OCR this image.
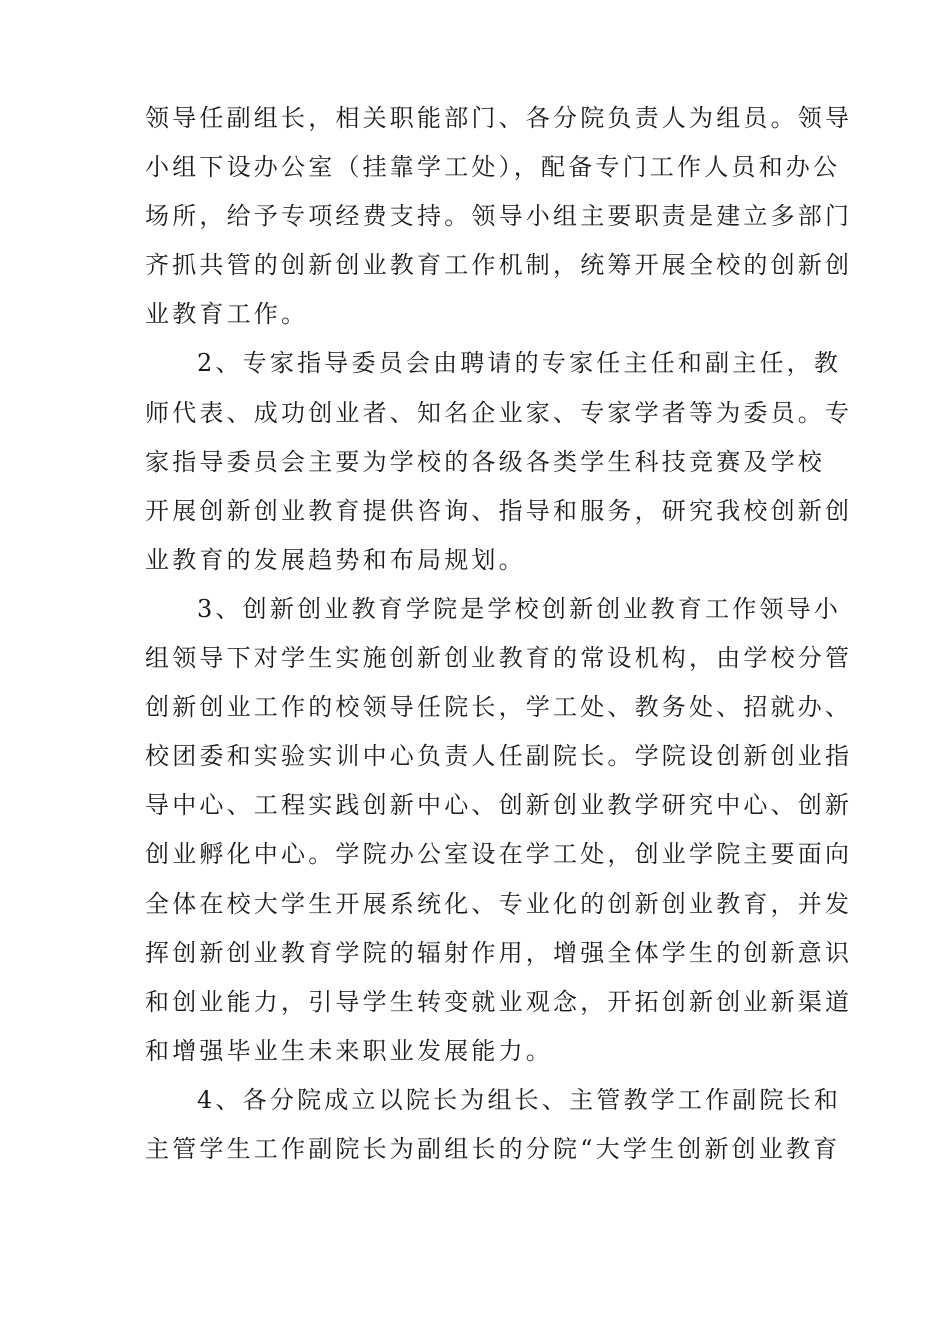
领导任副组长，相关职能部门、各分院负责人为组员。领导
小组下设办公室（挂靠学工处），配备专门工作人员和办公
场所，给予专项经费支持。领导小组主要职责是建立多部门
齐抓共管的创新创业教育工作机制，统筹开展全校的创新创
业教育工作。
2、专家指导委员会由聘请的专家任主任和副主任，教
师代表、成功创业者、知名企业家、专家学者等为委员。专
家指导委员会主要为学校的各级各类学生科技竞赛及学校
开展创新创业教育提供咨询、指导和服务，研究我校创新创
业教育的发展趋势和布局规划。
3、创新创业教育学院是学校创新创业教育工作领导小
组领导下对学生实施创新创业教育的常设机构，由学校分管
创新创业工作的校领导任院长，学工处、教务处、招就办、
校团委和实验实训中心负责人任副院长。学院设创新创业指
导中心、工程实践创新中心、创新创业教学研究中心、创新
创业孵化中心。学院办公室设在学工处，创业学院主要面向
全体在校大学生开展系统化、专业化的创新创业教育，并发
挥创新创业教育学院的辐射作用，增强全体学生的创新意识
和创业能力，引导学生转变就业观念，开拓创新创业新渠道
和增强毕业生未来职业发展能力。
4、各分院成立以院长为组长、主管教学工作副院长和
主管学生工作副院长为副组长的分院“大学生创新创业教育
